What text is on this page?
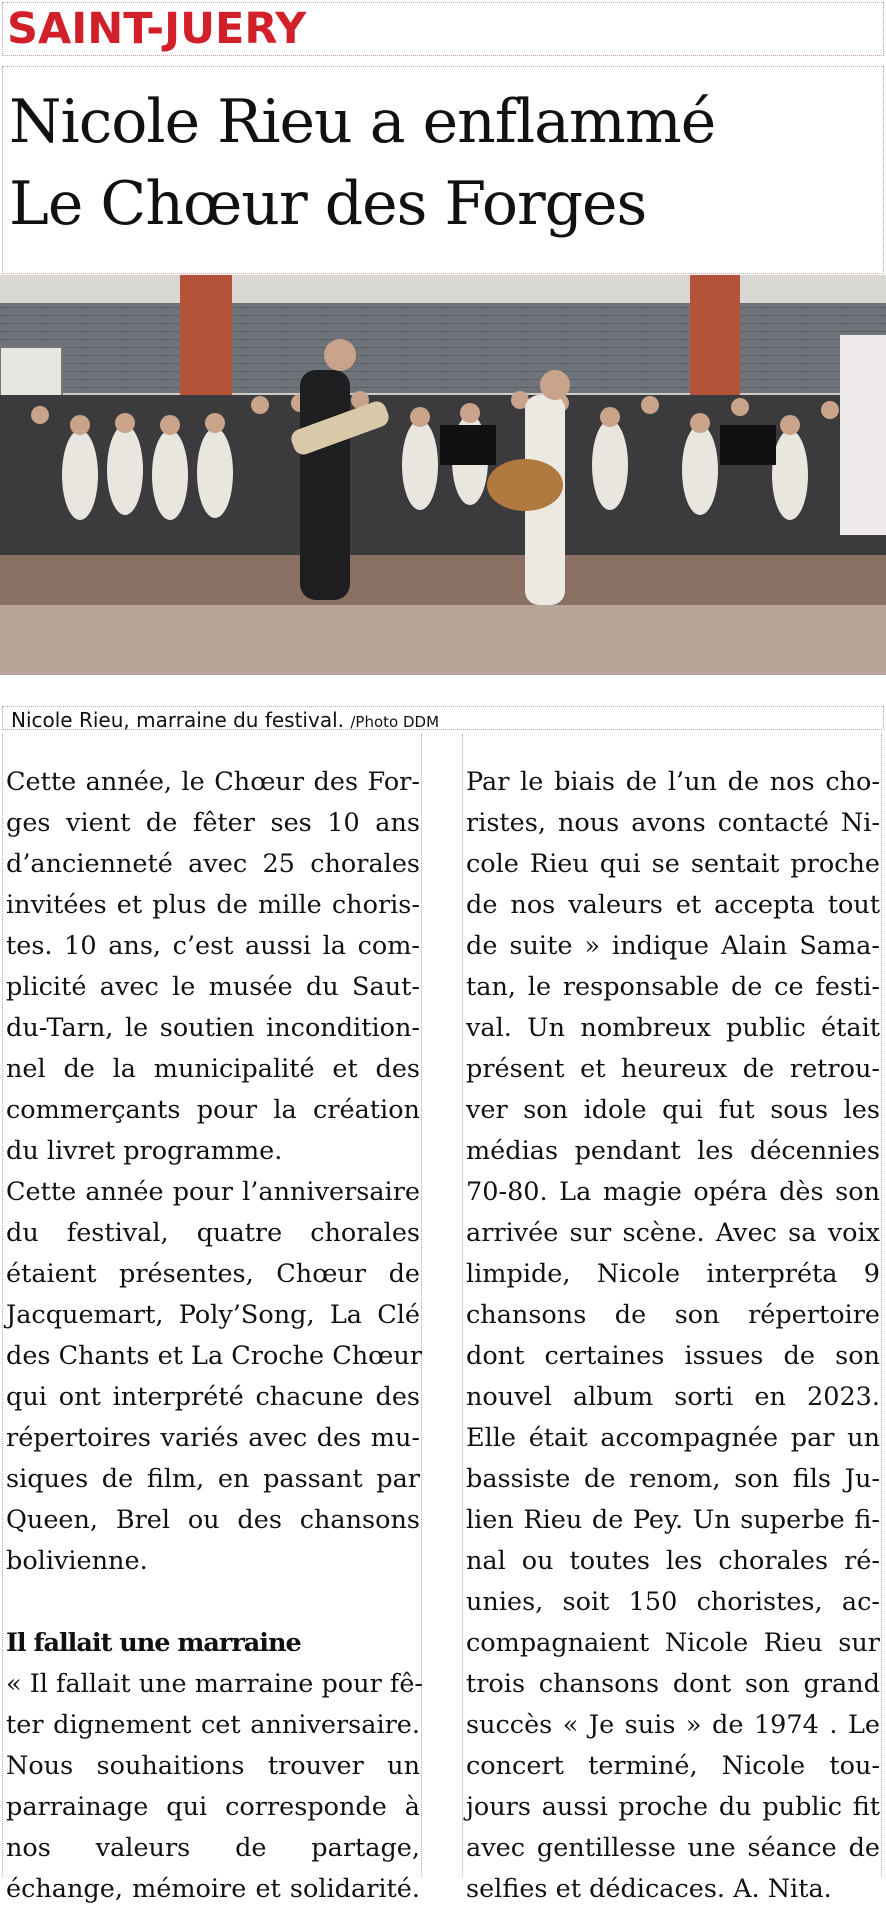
SAINT-JUERY
Nicole Rieu a enflammé
Le Chœur des Forges
Nicole Rieu, marraine du festival. /Photo DDM
Cette année, le Chœur des For-
ges vient de fêter ses 10 ans
d’ancienneté avec 25 chorales
invitées et plus de mille choris-
tes. 10 ans, c’est aussi la com-
plicité avec le musée du Saut-
du-Tarn, le soutien incondition-
nel de la municipalité et des
commerçants pour la création
du livret programme.
Cette année pour l’anniversaire
du festival, quatre chorales
étaient présentes, Chœur de
Jacquemart, Poly’Song, La Clé
des Chants et La Croche Chœur
qui ont interprété chacune des
répertoires variés avec des mu-
siques de film, en passant par
Queen, Brel ou des chansons
bolivienne.
Il fallait une marraine
« Il fallait une marraine pour fê-
ter dignement cet anniversaire.
Nous souhaitions trouver un
parrainage qui corresponde à
nos valeurs de partage,
échange, mémoire et solidarité.
Par le biais de l’un de nos cho-
ristes, nous avons contacté Ni-
cole Rieu qui se sentait proche
de nos valeurs et accepta tout
de suite » indique Alain Sama-
tan, le responsable de ce festi-
val. Un nombreux public était
présent et heureux de retrou-
ver son idole qui fut sous les
médias pendant les décennies
70-80. La magie opéra dès son
arrivée sur scène. Avec sa voix
limpide, Nicole interpréta 9
chansons de son répertoire
dont certaines issues de son
nouvel album sorti en 2023.
Elle était accompagnée par un
bassiste de renom, son fils Ju-
lien Rieu de Pey. Un superbe fi-
nal ou toutes les chorales ré-
unies, soit 150 choristes, ac-
compagnaient Nicole Rieu sur
trois chansons dont son grand
succès « Je suis » de 1974 . Le
concert terminé, Nicole tou-
jours aussi proche du public fit
avec gentillesse une séance de
selfies et dédicaces. A. Nita.
